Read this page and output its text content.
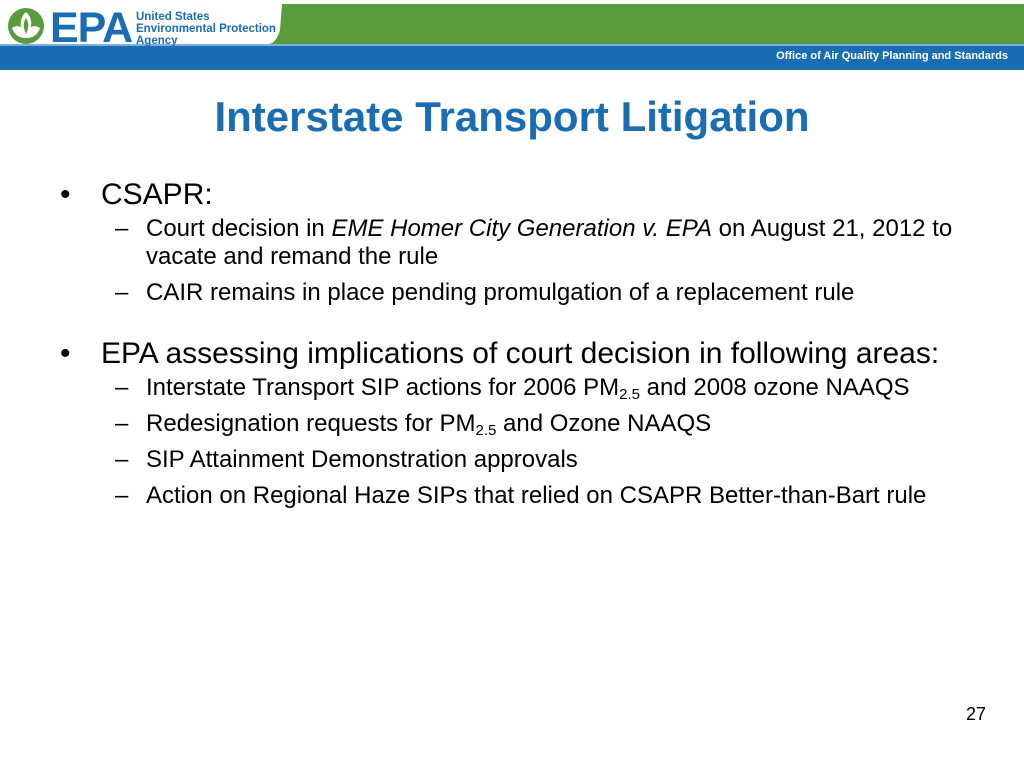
EPA United States
Environmental Protection
Agency
Office of Air Quality Planning and Standards
Interstate Transport Litigation
• CSAPR:
– Court decision in EME Homer City Generation v. EPA on August 21, 2012 to vacate and remand the rule
– CAIR remains in place pending promulgation of a replacement rule
• EPA assessing implications of court decision in following areas:
– Interstate Transport SIP actions for 2006 $PM_{2.5}$ and 2008 ozone NAAQS
– Redesignation requests for $PM_{2.5}$ and Ozone NAAQS
– SIP Attainment Demonstration approvals
– Action on Regional Haze SIPs that relied on CSAPR Better-than-Bart rule
27
